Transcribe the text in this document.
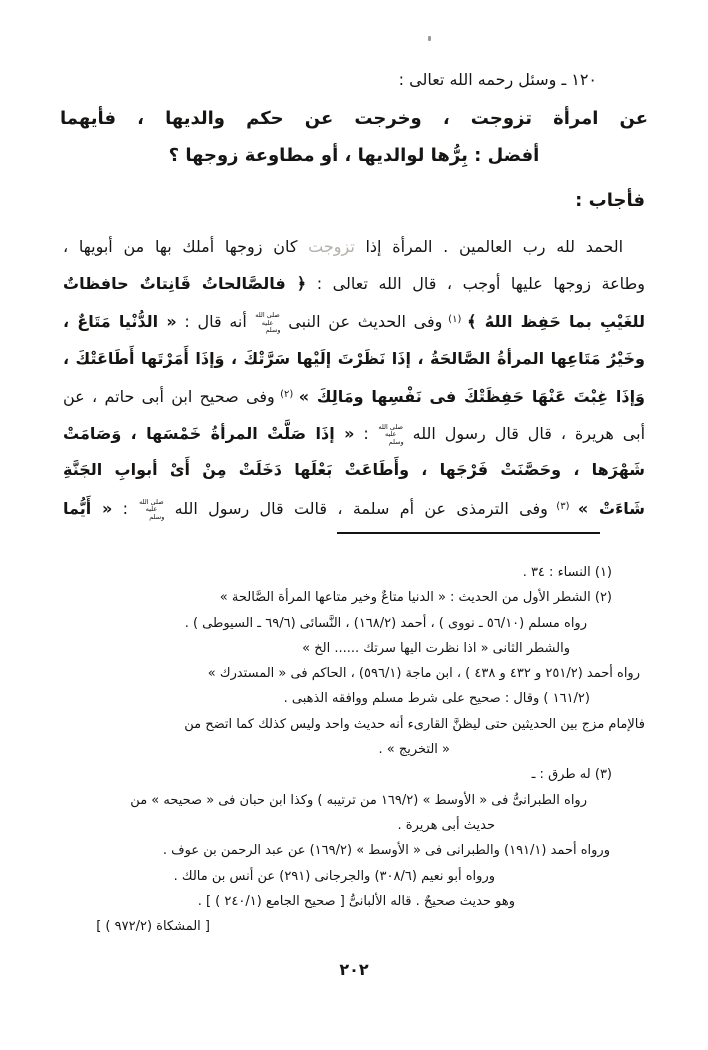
١٢٠ ـ وسئل رحمه الله تعالى :
عن امرأة تزوجت ، وخرجت عن حكم والديها ، فأيهما
أفضل : بِرُّها لوالديها ، أو مطاوعة زوجها ؟
فأجاب :
الحمد لله رب العالمين . المرأة إذا تزوجت كان زوجها أملك بها من أبويها ،
وطاعة زوجها عليها أوجب ، قال الله تعالى : ﴿ فالصَّالحاتُ قَانِتاتٌ حافظاتٌ
للغَيْبِ بما حَفِظ اللهُ ﴾ $^{(١)}$ وفى الحديث عن النبى صلى الله عليه وسلم أنه قال : « الدُّنْيا مَتَاعٌ ،
وخَيْرُ مَتَاعِها المرأةُ الصَّالحَةُ ، إذَا نَظَرْتَ إلَيْها سَرَّتْكَ ، وَإذَا أَمَرْتَها أَطَاعَتْكَ ،
وَإذَا غِبْتَ عَنْهَا حَفِظَتْكَ فى نَفْسِها ومَالِكَ » $^{(٢)}$ وفى صحيح ابن أبى حاتم ، عن
أبى هريرة ، قال قال رسول الله صلى الله عليه وسلم : « إذَا صَلَّتْ المرأةُ خَمْسَها ، وَصَامَتْ
شَهْرَها ، وحَصَّنَتْ فَرْجَها ، وأَطَاعَتْ بَعْلَها دَخَلَتْ مِنْ أَىْ أبوابِ الجَنَّةِ
شَاءَتْ » $^{(٣)}$ وفى الترمذى عن أم سلمة ، قالت قال رسول الله صلى الله عليه وسلم : « أَيُّما
(١) النساء : ٣٤ .
(٢) الشطر الأول من الحديث : « الدنيا متاعٌ وخير متاعها المرأة الصَّالحة »
رواه مسلم (٥٦/١٠ ـ نووى ) ، أحمد (١٦٨/٢) ، النَّسائى (٦٩/٦ ـ السيوطى ) .
والشطر الثانى « اذا نظرت اليها سرتك ...... الخ »
رواه أحمد (٢٥١/٢ و ٤٣٢ و ٤٣٨ ) ، ابن ماجة (٥٩٦/١) ، الحاكم فى « المستدرك »
(١٦١/٢ ) وقال : صحيح على شرط مسلم ووافقه الذهبى .
فالإمام مزج بين الحديثين حتى ليظنَّ القارىء أنه حديث واحد وليس كذلك كما اتضح من
« التخريج » .
(٣) له طرق : ـ
رواه الطبرانىُّ فى « الأوسط » (١٦٩/٢ من ترتيبه ) وكذا ابن حبان فى « صحيحه » من
حديث أبى هريرة .
ورواه أحمد (١٩١/١) والطبرانى فى « الأوسط » (١٦٩/٢) عن عبد الرحمن بن عوف .
ورواه أبو نعيم (٣٠٨/٦) والجرجانى (٢٩١) عن أنس بن مالك .
وهو حديث صحيحٌ . قاله الألبانىُّ [ صحيح الجامع (٢٤٠/١ ) ] .
[ المشكاة (٩٧٢/٢ ) ]
٢٠٢
